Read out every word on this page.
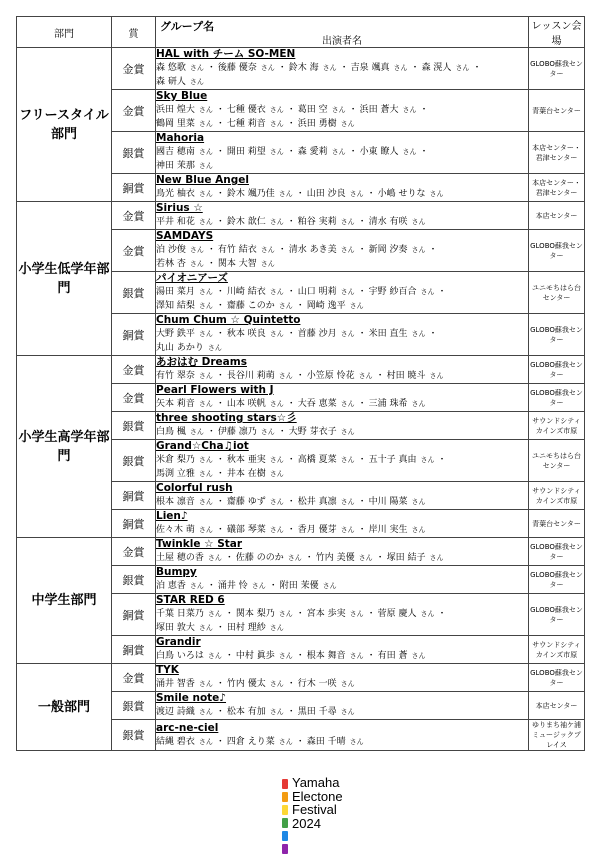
部門	賞	グループ名
出演者名	レッスン会場
フリースタイル部門	金賞	HAL with チーム SO-MEN
森 悠歌 さん ・ 後藤 優奈 さん ・ 鈴木 海 さん ・ 吉泉 颯真 さん ・ 森 滉人 さん ・
森 研人 さん	GLOBO蘇我センター
	金賞	Sky Blue
浜田 煌大 さん ・ 七種 優衣 さん ・ 葛田 空 さん ・ 浜田 蒼大 さん ・
鶴岡 里菜 さん ・ 七種 莉音 さん ・ 浜田 勇樹 さん	青葉台センター
	銀賞	Mahoria
國吉 穂南 さん ・ 開田 莉望 さん ・ 森 愛莉 さん ・ 小東 瞭人 さん ・
神田 茉那 さん	本店センター・君津センター
	銅賞	New Blue Angel
鳥光 柚衣 さん ・ 鈴木 颯乃佳 さん ・ 山田 沙良 さん ・ 小嶋 せりな さん	本店センター・君津センター
小学生低学年部門	金賞	Sirius ☆
平井 和花 さん ・ 鈴木 歆仁 さん ・ 粕谷 実莉 さん ・ 清水 有咲 さん	本店センター
	金賞	SAMDAYS
泊 沙俊 さん ・ 有竹 結衣 さん ・ 清水 あき美 さん ・ 新岡 汐奏 さん ・
若林 杏 さん ・ 関本 大智 さん	GLOBO蘇我センター
	銀賞	パイオニアーズ
湯田 菜月 さん ・ 川崎 結衣 さん ・ 山口 明莉 さん ・ 宇野 紗百合 さん ・
澤知 結梨 さん ・ 齋藤 このか さん ・ 岡崎 逸平 さん	ユニモちはら台センター
	銅賞	Chum Chum ☆ Quintetto
大野 鉄平 さん ・ 秋本 咲良 さん ・ 首藤 沙月 さん ・ 米田 直生 さん ・
丸山 あかり さん	GLOBO蘇我センター
小学生高学年部門	金賞	あおはむ Dreams
有竹 翠奈 さん ・ 長谷川 莉萌 さん ・ 小笠原 怜花 さん ・ 村田 暁斗 さん	GLOBO蘇我センター
	金賞	Pearl Flowers with J
矢本 莉音 さん ・ 山本 咲帆 さん ・ 大吞 恵菜 さん ・ 三浦 珠希 さん	GLOBO蘇我センター
	銀賞	three shooting stars☆彡
白鳥 楓 さん ・ 伊藤 凛乃 さん ・ 大野 芽衣子 さん	サウンドシティ カインズ市原
	銀賞	Grand☆Cha♫iot
米倉 梨乃 さん ・ 秋本 亜実 さん ・ 高橋 夏菜 さん ・ 五十子 真由 さん ・
馬渕 立雅 さん ・ 井本 在樹 さん	ユニモちはら台センター
	銅賞	Colorful rush
根本 凛音 さん ・ 齋藤 ゆず さん ・ 松井 真凛 さん ・ 中川 陽菜 さん	サウンドシティ カインズ市原
	銅賞	Lien♪
佐々木 萌 さん ・ 礒部 琴菜 さん ・ 香月 優芽 さん ・ 岸川 実生 さん	青葉台センター
中学生部門	金賞	Twinkle ☆ Star
土屋 穂の香 さん ・ 佐藤 ののか さん ・ 竹内 美優 さん ・ 塚田 結子 さん	GLOBO蘇我センター
	銀賞	Bumpy
泊 恵香 さん ・ 涌井 怜 さん ・ 附田 茉優 さん	GLOBO蘇我センター
	銅賞	STAR RED 6
千葉 日菜乃 さん ・ 関本 梨乃 さん ・ 宮本 歩実 さん ・ 菅原 慶人 さん ・
塚田 敦大 さん ・ 田村 理紗 さん	GLOBO蘇我センター
	銅賞	Grandir
白鳥 いろは さん ・ 中村 眞歩 さん ・ 根本 舞音 さん ・ 有田 蒼 さん	サウンドシティ カインズ市原
一般部門	金賞	TYK
涌井 智香 さん ・ 竹内 優太 さん ・ 行木 一咲 さん	GLOBO蘇我センター
	銀賞	Smile note♪
渡辺 詩織 さん ・ 松本 有加 さん ・ 黒田 千尋 さん	本店センター
	銀賞	arc-ne-ciel
結縄 碧衣 さん ・ 四倉 えり菜 さん ・ 森田 千晴 さん	ゆりまち袖ケ浦 ミュージックプレイス
Yamaha
Electone
Festival
2024
